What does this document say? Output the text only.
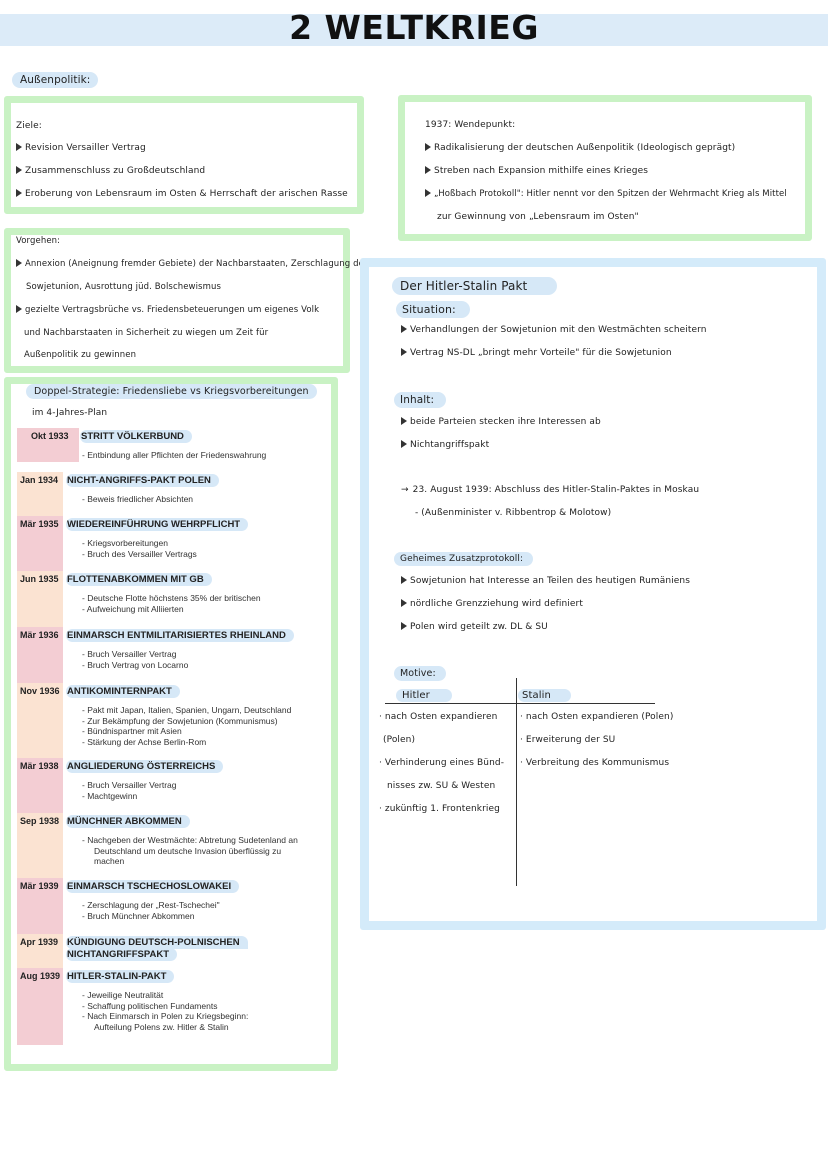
2 WELTKRIEG
Außenpolitik:
Ziele:
Revision Versailler Vertrag
Zusammenschluss zu Großdeutschland
Eroberung von Lebensraum im Osten & Herrschaft der arischen Rasse
1937: Wendepunkt:
Radikalisierung der deutschen Außenpolitik (Ideologisch geprägt)
Streben nach Expansion mithilfe eines Krieges
„Hoßbach Protokoll": Hitler nennt vor den Spitzen der Wehrmacht Krieg als Mittel
zur Gewinnung von „Lebensraum im Osten"
Vorgehen:
Annexion (Aneignung fremder Gebiete) der Nachbarstaaten, Zerschlagung der
Sowjetunion, Ausrottung jüd. Bolschewismus
gezielte Vertragsbrüche vs. Friedensbeteuerungen um eigenes Volk
und Nachbarstaaten in Sicherheit zu wiegen um Zeit für
Außenpolitik zu gewinnen
Doppel-Strategie: Friedensliebe vs Kriegsvorbereitungen
im 4-Jahres-Plan
Okt 1933	STRITT VÖLKERBUND
- Entbindung aller Pflichten der Friedenswahrung
Jan 1934 NICHT-ANGRIFFS-PAKT POLEN
- Beweis friedlicher Absichten
Mär 1935 WIEDEREINFÜHRUNG WEHRPFLICHT
- Kriegsvorbereitungen
- Bruch des Versailler Vertrags
Jun 1935 FLOTTENABKOMMEN MIT GB
- Deutsche Flotte höchstens 35% der britischen
- Aufweichung mit Alliierten
Mär 1936 EINMARSCH ENTMILITARISIERTES RHEINLAND
- Bruch Versailler Vertrag
- Bruch Vertrag von Locarno
Nov 1936 ANTIKOMINTERNPAKT
- Pakt mit Japan, Italien, Spanien, Ungarn, Deutschland
- Zur Bekämpfung der Sowjetunion (Kommunismus)
- Bündnispartner mit Asien
- Stärkung der Achse Berlin-Rom
Mär 1938 ANGLIEDERUNG ÖSTERREICHS
- Bruch Versailler Vertrag
- Machtgewinn
Sep 1938 MÜNCHNER ABKOMMEN
- Nachgeben der Westmächte: Abtretung Sudetenland an
Deutschland um deutsche Invasion überflüssig zu
machen
Mär 1939 EINMARSCH TSCHECHOSLOWAKEI
- Zerschlagung der „Rest-Tschechei"
- Bruch Münchner Abkommen
Apr 1939 KÜNDIGUNG DEUTSCH-POLNISCHEN
NICHTANGRIFFSPAKT
Aug 1939 HITLER-STALIN-PAKT
- Jeweilige Neutralität
- Schaffung politischen Fundaments
- Nach Einmarsch in Polen zu Kriegsbeginn:
Aufteilung Polens zw. Hitler & Stalin
Der Hitler-Stalin Pakt
Situation:
Verhandlungen der Sowjetunion mit den Westmächten scheitern
Vertrag NS-DL „bringt mehr Vorteile" für die Sowjetunion
Inhalt:
beide Parteien stecken ihre Interessen ab
Nichtangriffspakt
→ 23. August 1939: Abschluss des Hitler-Stalin-Paktes in Moskau
- (Außenminister v. Ribbentrop & Molotow)
Geheimes Zusatzprotokoll:
Sowjetunion hat Interesse an Teilen des heutigen Rumäniens
nördliche Grenzziehung wird definiert
Polen wird geteilt zw. DL & SU
Motive:
Hitler	Stalin
· nach Osten expandieren
(Polen)
· Verhinderung eines Bünd-
nisses zw. SU & Westen
· zukünftig 1. Frontenkrieg
· nach Osten expandieren (Polen)
· Erweiterung der SU
· Verbreitung des Kommunismus
